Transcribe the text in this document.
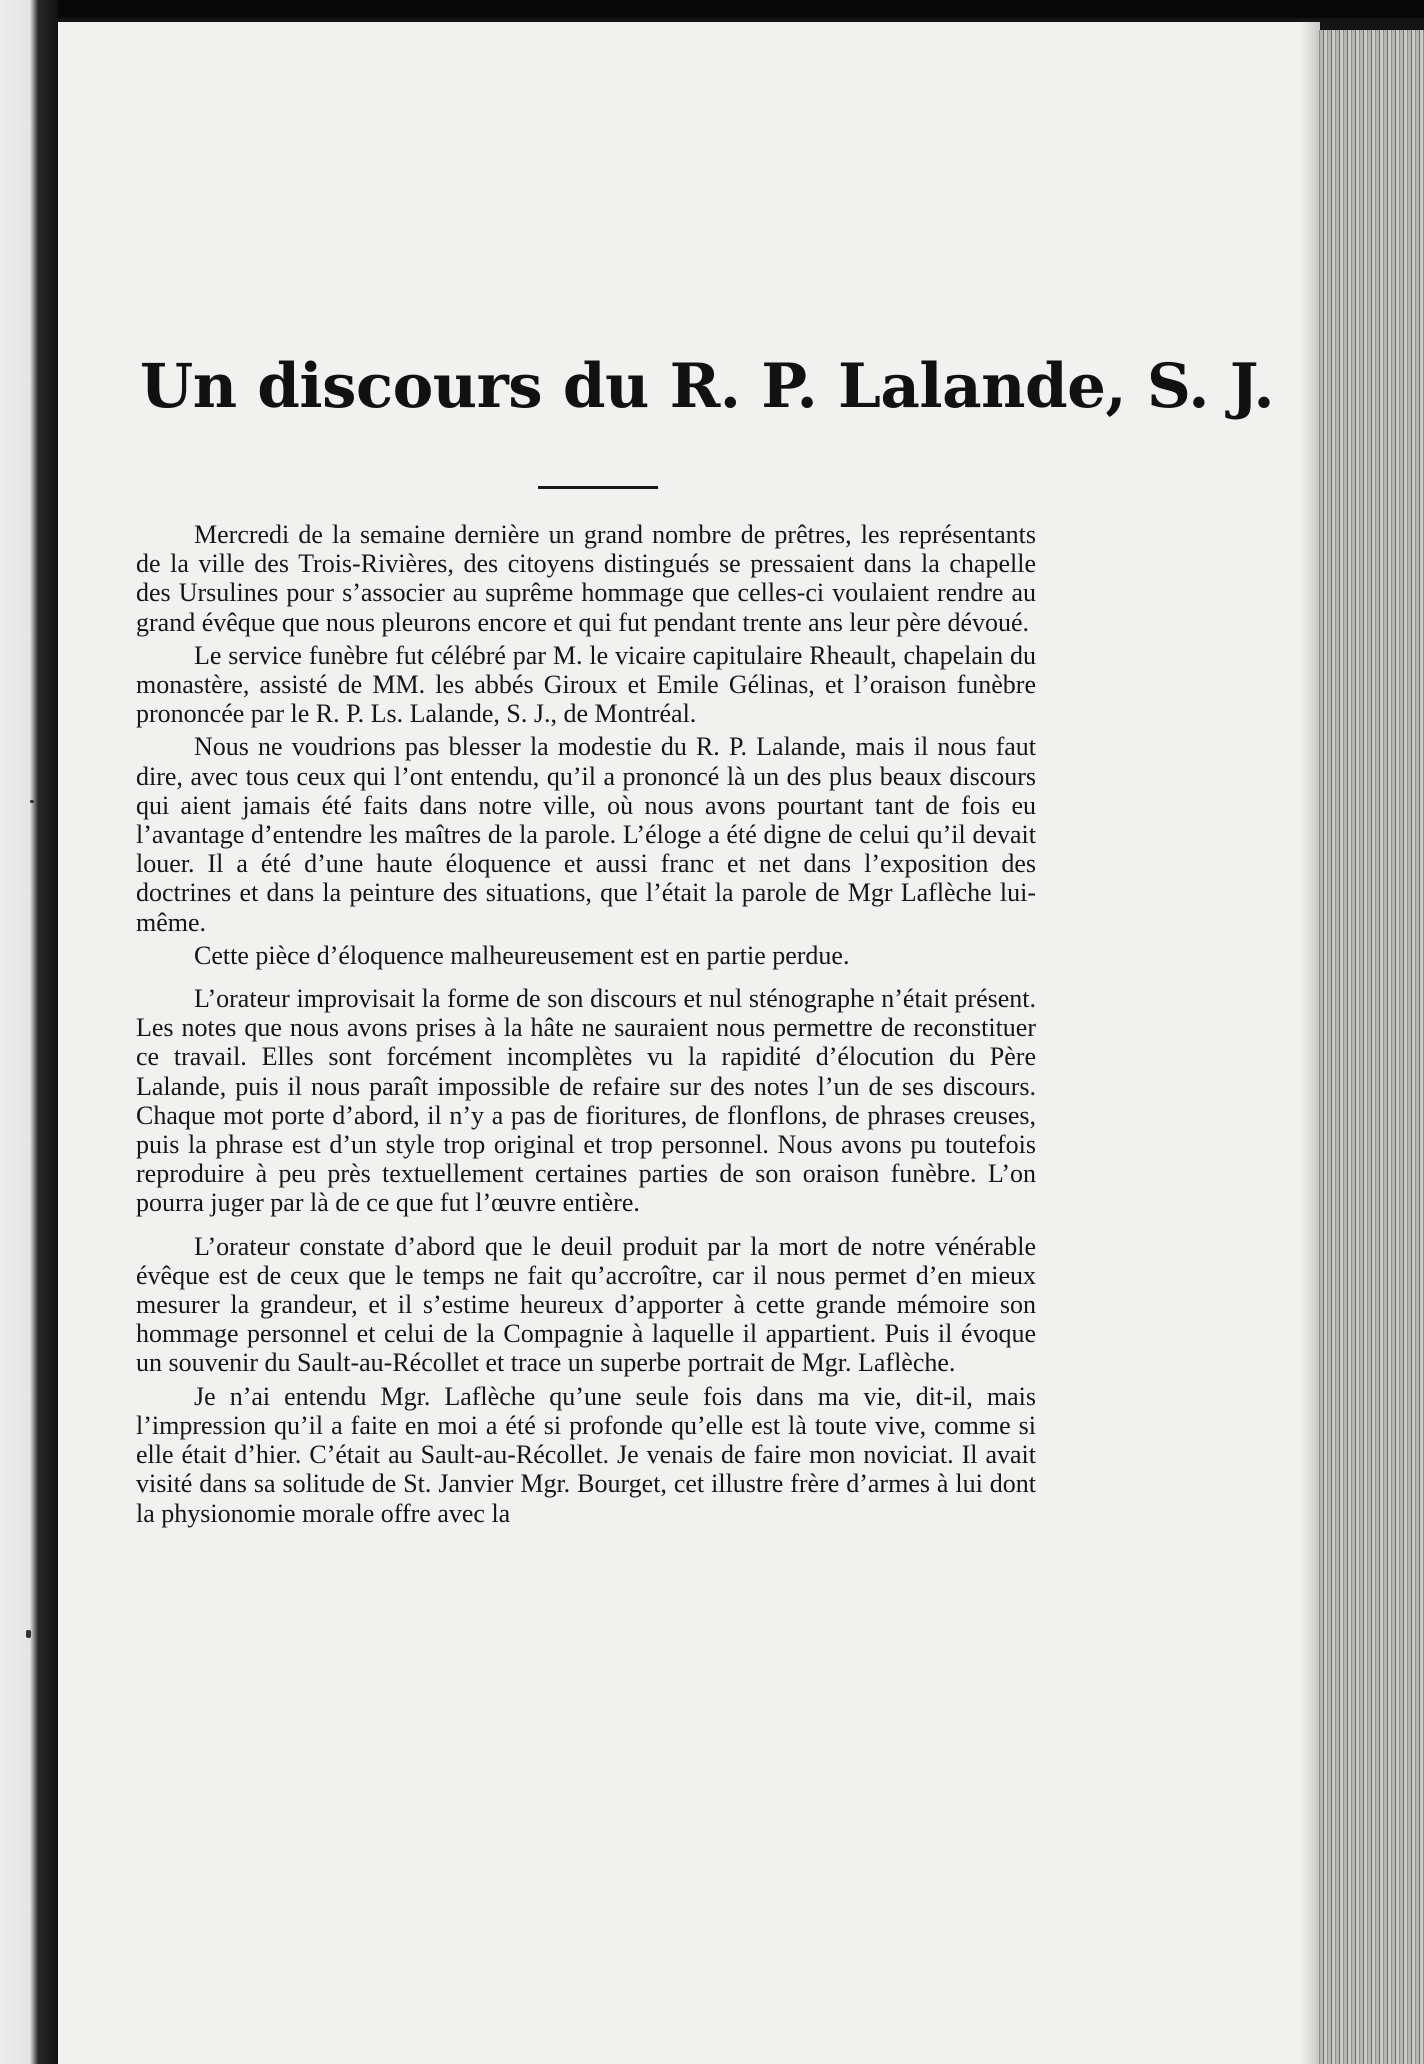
Un discours du R. P. Lalande, S. J.

Mercredi de la semaine dernière un grand nombre de prêtres, les représentants de la ville des Trois-Rivières, des citoyens distingués se pressaient dans la chapelle des Ursulines pour s’associer au suprême hommage que celles-ci voulaient rendre au grand évêque que nous pleurons encore et qui fut pendant trente ans leur père dévoué.

Le service funèbre fut célébré par M. le vicaire capitulaire Rheault, chapelain du monastère, assisté de MM. les abbés Giroux et Emile Gélinas, et l’oraison funèbre prononcée par le R. P. Ls. Lalande, S. J., de Montréal.

Nous ne voudrions pas blesser la modestie du R. P. Lalande, mais il nous faut dire, avec tous ceux qui l’ont entendu, qu’il a prononcé là un des plus beaux discours qui aient jamais été faits dans notre ville, où nous avons pourtant tant de fois eu l’avantage d’entendre les maîtres de la parole. L’éloge a été digne de celui qu’il devait louer. Il a été d’une haute éloquence et aussi franc et net dans l’exposition des doctrines et dans la peinture des situations, que l’était la parole de Mgr Laflèche lui-même.

Cette pièce d’éloquence malheureusement est en partie perdue.

L’orateur improvisait la forme de son discours et nul sténographe n’était présent. Les notes que nous avons prises à la hâte ne sauraient nous permettre de reconstituer ce travail. Elles sont forcément incomplètes vu la rapidité d’élocution du Père Lalande, puis il nous paraît impossible de refaire sur des notes l’un de ses discours. Chaque mot porte d’abord, il n’y a pas de fioritures, de flonflons, de phrases creuses, puis la phrase est d’un style trop original et trop personnel. Nous avons pu toutefois reproduire à peu près textuellement certaines parties de son oraison funèbre. L’on pourra juger par là de ce que fut l’œuvre entière.

L’orateur constate d’abord que le deuil produit par la mort de notre vénérable évêque est de ceux que le temps ne fait qu’accroître, car il nous permet d’en mieux mesurer la grandeur, et il s’estime heureux d’apporter à cette grande mémoire son hommage personnel et celui de la Compagnie à laquelle il appartient. Puis il évoque un souvenir du Sault-au-Récollet et trace un superbe portrait de Mgr. Laflèche.

Je n’ai entendu Mgr. Laflèche qu’une seule fois dans ma vie, dit-il, mais l’impression qu’il a faite en moi a été si profonde qu’elle est là toute vive, comme si elle était d’hier. C’était au Sault-au-Récollet. Je venais de faire mon noviciat. Il avait visité dans sa solitude de St. Janvier Mgr. Bourget, cet illustre frère d’armes à lui dont la physionomie morale offre avec la
